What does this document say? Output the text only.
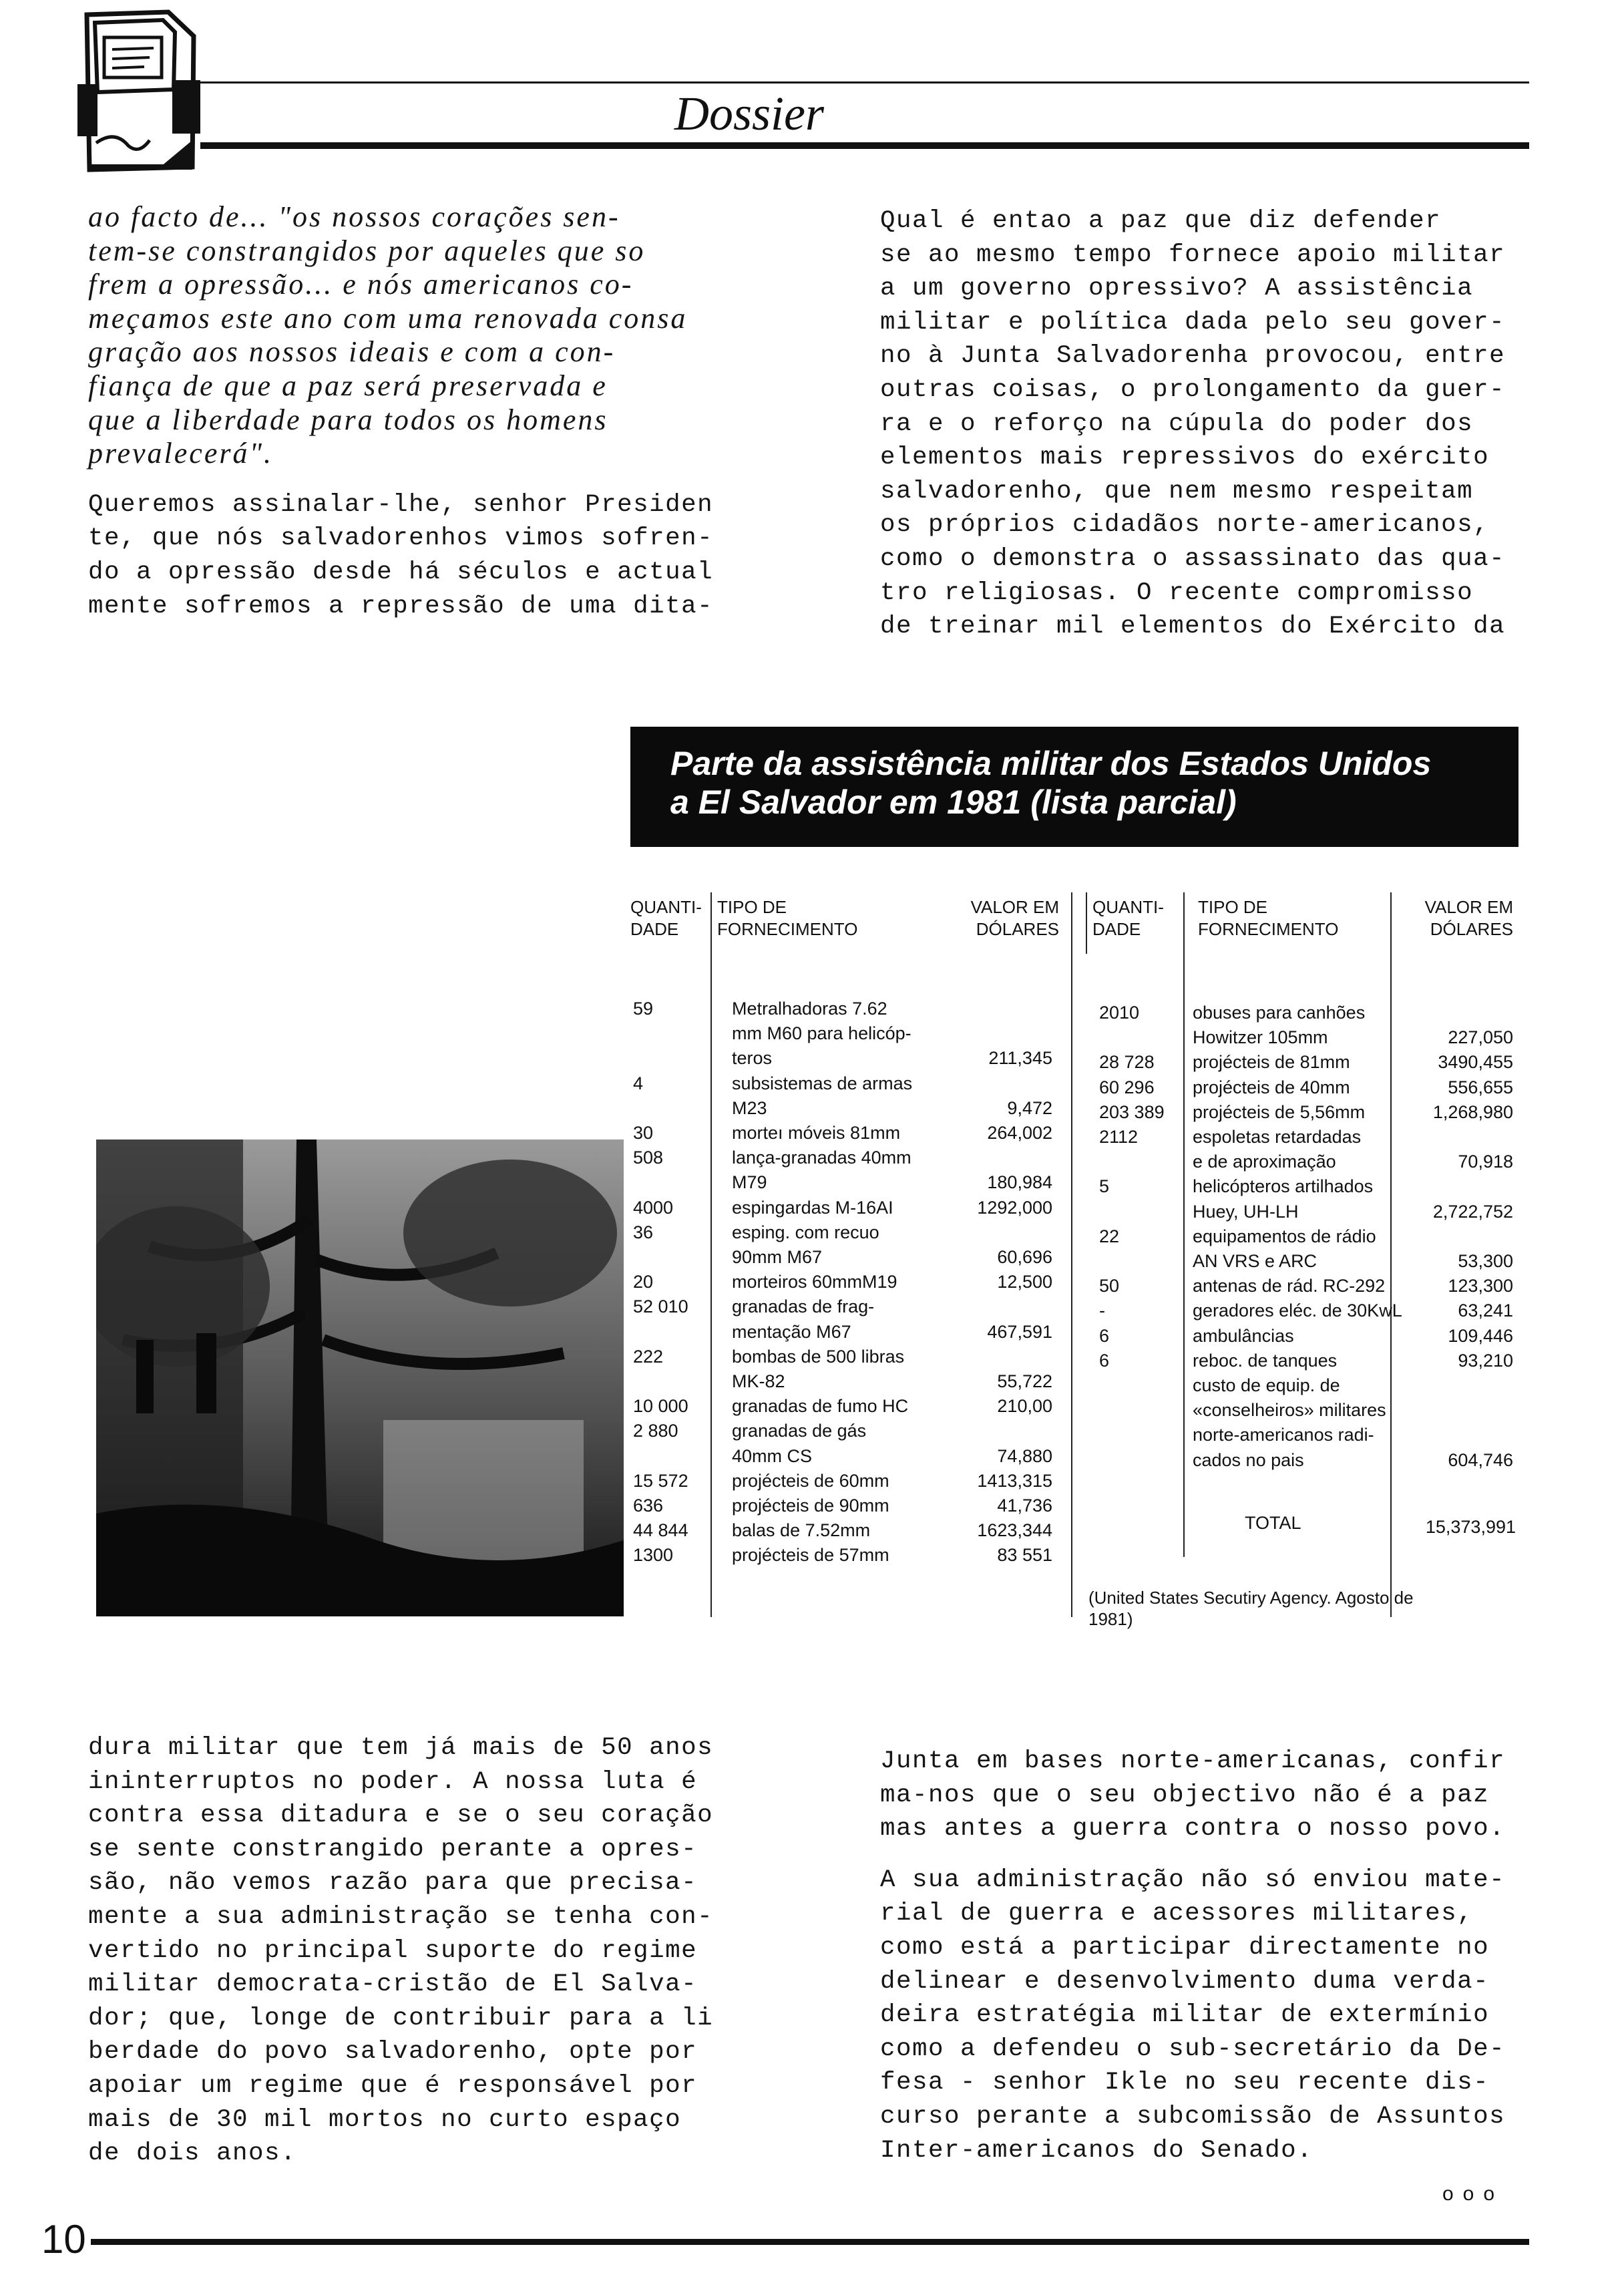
Dossier

ao facto de... "os nossos corações sen-
tem-se constrangidos por aqueles que so
frem a opressão... e nós americanos co-
meçamos este ano com uma renovada consa
gração aos nossos ideais e com a con-
fiança de que a paz será preservada e
que a liberdade para todos os homens
prevalecerá".

Queremos assinalar-lhe, senhor Presiden
te, que nós salvadorenhos vimos sofren-
do a opressão desde há séculos e actual
mente sofremos a repressão de uma dita-

Qual é entao a paz que diz defender
se ao mesmo tempo fornece apoio militar
a um governo opressivo? A assistência
militar e política dada pelo seu gover-
no à Junta Salvadorenha provocou, entre
outras coisas, o prolongamento da guer-
ra e o reforço na cúpula do poder dos
elementos mais repressivos do exército
salvadorenho, que nem mesmo respeitam
os próprios cidadãos norte-americanos,
como o demonstra o assassinato das qua-
tro religiosas. O recente compromisso
de treinar mil elementos do Exército da

Parte da assistência militar dos Estados Unidos
a El Salvador em 1981 (lista parcial)
QUANTI-
DADE
TIPO DE
FORNECIMENTO
VALOR EM
DÓLARES
QUANTI-
DADE
TIPO DE
FORNECIMENTO
VALOR EM
DÓLARES
59	Metralhadoras 7.62
mm M60 para helicóp-
teros	211,345
4	subsistemas de armas
M23	9,472
30	morteı móveis 81mm	264,002
508	lança-granadas 40mm
M79	180,984
4000	espingardas M-16AI	1292,000
36	esping. com recuo
90mm M67	60,696
20	morteiros 60mmM19	12,500
52 010 granadas de frag-
mentação M67	467,591
222	bombas de 500 libras
MK-82	55,722
10 000 granadas de fumo HC	210,00
2 880	granadas de gás
40mm CS	74,880
15 572 projécteis de 60mm	1413,315
636	projécteis de 90mm	41,736
44 844 balas de 7.52mm	1623,344
1300	projécteis de 57mm	83 551
2010	obuses para canhões
Howitzer 105mm	227,050
28 728 projécteis de 81mm	3490,455
60 296 projécteis de 40mm	556,655
203 389 projécteis de 5,56mm	1,268,980
2112	espoletas retardadas
e de aproximação	70,918
5	helicópteros artilhados
Huey, UH-LH	2,722,752
22	equipamentos de rádio
AN VRS e ARC	53,300
50	antenas de rád. RC-292	123,300
-	geradores eléc. de 30KwL	63,241
6	ambulâncias	109,446
6	reboc. de tanques	93,210
custo de equip. de
«conselheiros» militares
norte-americanos radi-
cados no pais	604,746
TOTAL	15,373,991
(United States Secutiry Agency. Agosto de
1981)

dura militar que tem já mais de 50 anos
ininterruptos no poder. A nossa luta é
contra essa ditadura e se o seu coração
se sente constrangido perante a opres-
são, não vemos razão para que precisa-
mente a sua administração se tenha con-
vertido no principal suporte do regime
militar democrata-cristão de El Salva-
dor; que, longe de contribuir para a li
berdade do povo salvadorenho, opte por
apoiar um regime que é responsável por
mais de 30 mil mortos no curto espaço
de dois anos.

Junta em bases norte-americanas, confir
ma-nos que o seu objectivo não é a paz
mas antes a guerra contra o nosso povo.

A sua administração não só enviou mate-
rial de guerra e acessores militares,
como está a participar directamente no
delinear e desenvolvimento duma verda-
deira estratégia militar de extermínio
como a defendeu o sub-secretário da De-
fesa - senhor Ikle no seu recente dis-
curso perante a subcomissão de Assuntos
Inter-americanos do Senado.

ooo
10
